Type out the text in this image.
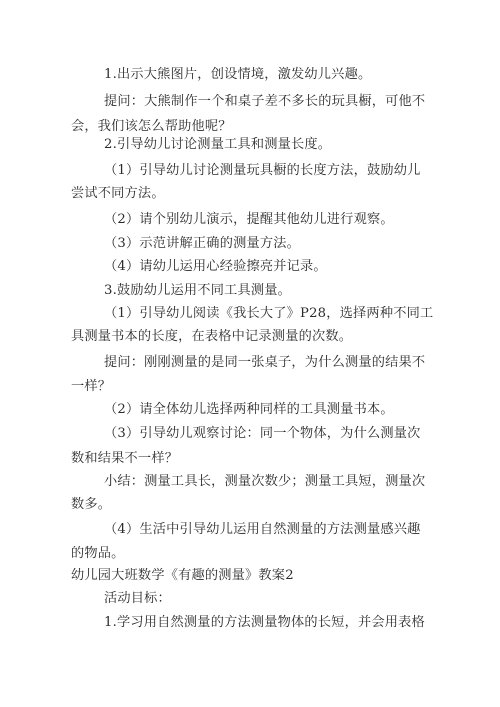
1.出示大熊图片，创设情境，激发幼儿兴趣。
提问：大熊制作一个和桌子差不多长的玩具橱，可他不
会，我们该怎么帮助他呢？
2.引导幼儿讨论测量工具和测量长度。
（1）引导幼儿讨论测量玩具橱的长度方法，鼓励幼儿
尝试不同方法。
（2）请个别幼儿演示，提醒其他幼儿进行观察。
（3）示范讲解正确的测量方法。
（4）请幼儿运用心经验擦亮并记录。
3.鼓励幼儿运用不同工具测量。
（1）引导幼儿阅读《我长大了》P28，选择两种不同工
具测量书本的长度，在表格中记录测量的次数。
提问：刚刚测量的是同一张桌子，为什么测量的结果不
一样？
（2）请全体幼儿选择两种同样的工具测量书本。
（3）引导幼儿观察讨论：同一个物体，为什么测量次
数和结果不一样？
小结：测量工具长，测量次数少；测量工具短，测量次
数多。
（4）生活中引导幼儿运用自然测量的方法测量感兴趣
的物品。
幼儿园大班数学《有趣的测量》教案2
活动目标：
1.学习用自然测量的方法测量物体的长短，并会用表格
